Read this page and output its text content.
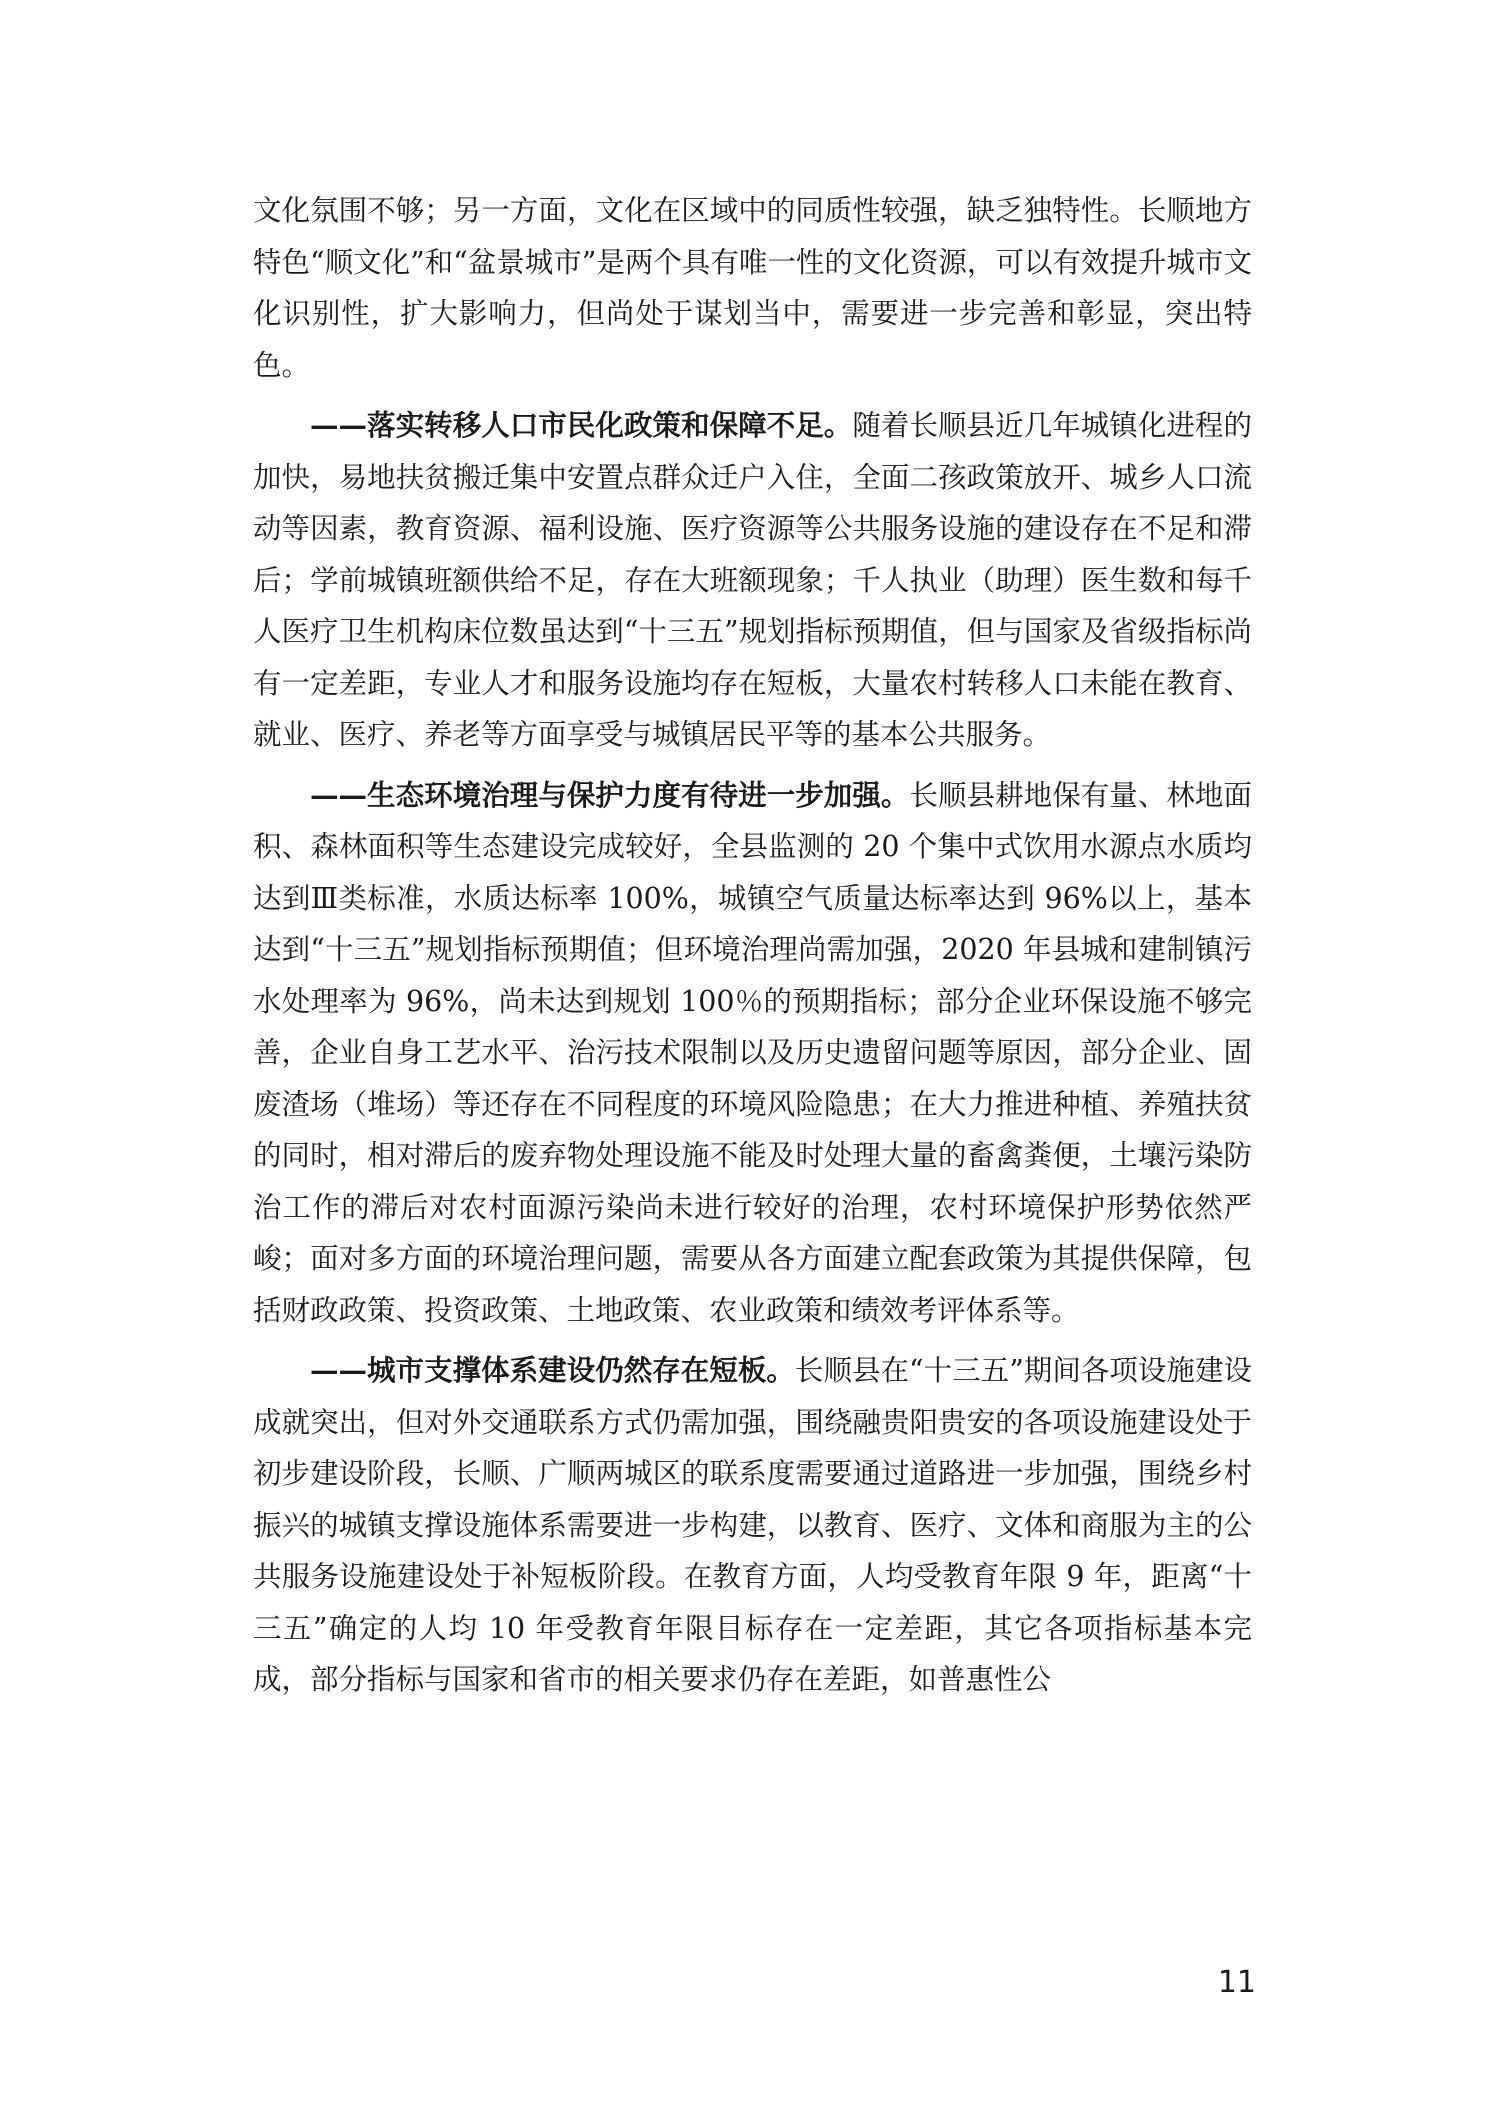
文化氛围不够；另一方面，文化在区域中的同质性较强，缺乏独特性。长顺地方特色“顺文化”和“盆景城市”是两个具有唯一性的文化资源，可以有效提升城市文化识别性，扩大影响力，但尚处于谋划当中，需要进一步完善和彰显，突出特色。

——落实转移人口市民化政策和保障不足。随着长顺县近几年城镇化进程的加快，易地扶贫搬迁集中安置点群众迁户入住，全面二孩政策放开、城乡人口流动等因素，教育资源、福利设施、医疗资源等公共服务设施的建设存在不足和滞后；学前城镇班额供给不足，存在大班额现象；千人执业（助理）医生数和每千人医疗卫生机构床位数虽达到“十三五”规划指标预期值，但与国家及省级指标尚有一定差距，专业人才和服务设施均存在短板，大量农村转移人口未能在教育、就业、医疗、养老等方面享受与城镇居民平等的基本公共服务。

——生态环境治理与保护力度有待进一步加强。长顺县耕地保有量、林地面积、森林面积等生态建设完成较好，全县监测的 20 个集中式饮用水源点水质均达到Ⅲ类标准，水质达标率 100%，城镇空气质量达标率达到 96%以上，基本达到“十三五”规划指标预期值；但环境治理尚需加强，2020 年县城和建制镇污水处理率为 96%，尚未达到规划 100％的预期指标；部分企业环保设施不够完善，企业自身工艺水平、治污技术限制以及历史遗留问题等原因，部分企业、固废渣场（堆场）等还存在不同程度的环境风险隐患；在大力推进种植、养殖扶贫的同时，相对滞后的废弃物处理设施不能及时处理大量的畜禽粪便，土壤污染防治工作的滞后对农村面源污染尚未进行较好的治理，农村环境保护形势依然严峻；面对多方面的环境治理问题，需要从各方面建立配套政策为其提供保障，包括财政政策、投资政策、土地政策、农业政策和绩效考评体系等。

——城市支撑体系建设仍然存在短板。长顺县在“十三五”期间各项设施建设成就突出，但对外交通联系方式仍需加强，围绕融贵阳贵安的各项设施建设处于初步建设阶段，长顺、广顺两城区的联系度需要通过道路进一步加强，围绕乡村振兴的城镇支撑设施体系需要进一步构建，以教育、医疗、文体和商服为主的公共服务设施建设处于补短板阶段。在教育方面，人均受教育年限 9 年，距离“十三五”确定的人均 10 年受教育年限目标存在一定差距，其它各项指标基本完成，部分指标与国家和省市的相关要求仍存在差距，如普惠性公

11
